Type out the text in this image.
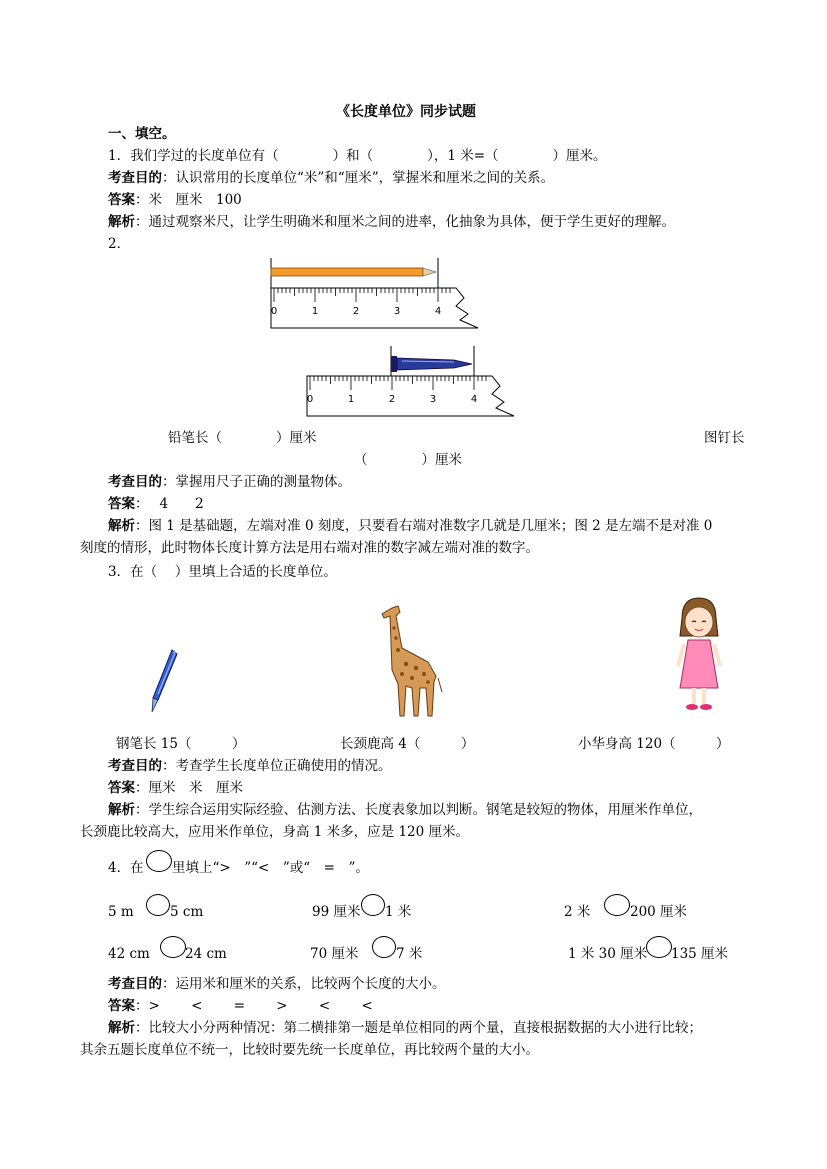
《长度单位》同步试题
一、填空。
1．我们学过的长度单位有（　　　　）和（　　　　），1 米=（　　　　）厘米。
考查目的：认识常用的长度单位“米”和“厘米”，掌握米和厘米之间的关系。
答案：米　厘米　100
解析：通过观察米尺，让学生明确米和厘米之间的进率，化抽象为具体，便于学生更好的理解。
2．
0	1	2	3	4
0	1	2	3	4
铅笔长（　　　　）厘米	图钉长
（　　　　）厘米
考查目的：掌握用尺子正确的测量物体。
答案：　 4　　2
解析：图 1 是基础题，左端对准 0 刻度，只要看右端对准数字几就是几厘米；图 2 是左端不是对准 0
刻度的情形，此时物体长度计算方法是用右端对准的数字减左端对准的数字。
3．在（　 ）里填上合适的长度单位。
钢笔长 15（　　　）	长颈鹿高 4（　　　）	小华身高 120（　　　）
考查目的：考查学生长度单位正确使用的情况。
答案：厘米　米　厘米
解析：学生综合运用实际经验、估测方法、长度表象加以判断。钢笔是较短的物体，用厘米作单位，
长颈鹿比较高大，应用米作单位，身高 1 米多，应是 120 厘米。
4．在 里填上“>　”“<　”或“　=　”。
5 m	5 cm	99 厘米 1 米	2 米	200 厘米
42 cm	24 cm	70 厘米	7 米	1 米 30 厘米 135 厘米
考查目的：运用米和厘米的关系，比较两个长度的大小。
答案：>　　 <　　 =　　 >　　 <　　 <
解析：比较大小分两种情况：第二横排第一题是单位相同的两个量，直接根据数据的大小进行比较；
其余五题长度单位不统一，比较时要先统一长度单位，再比较两个量的大小。
